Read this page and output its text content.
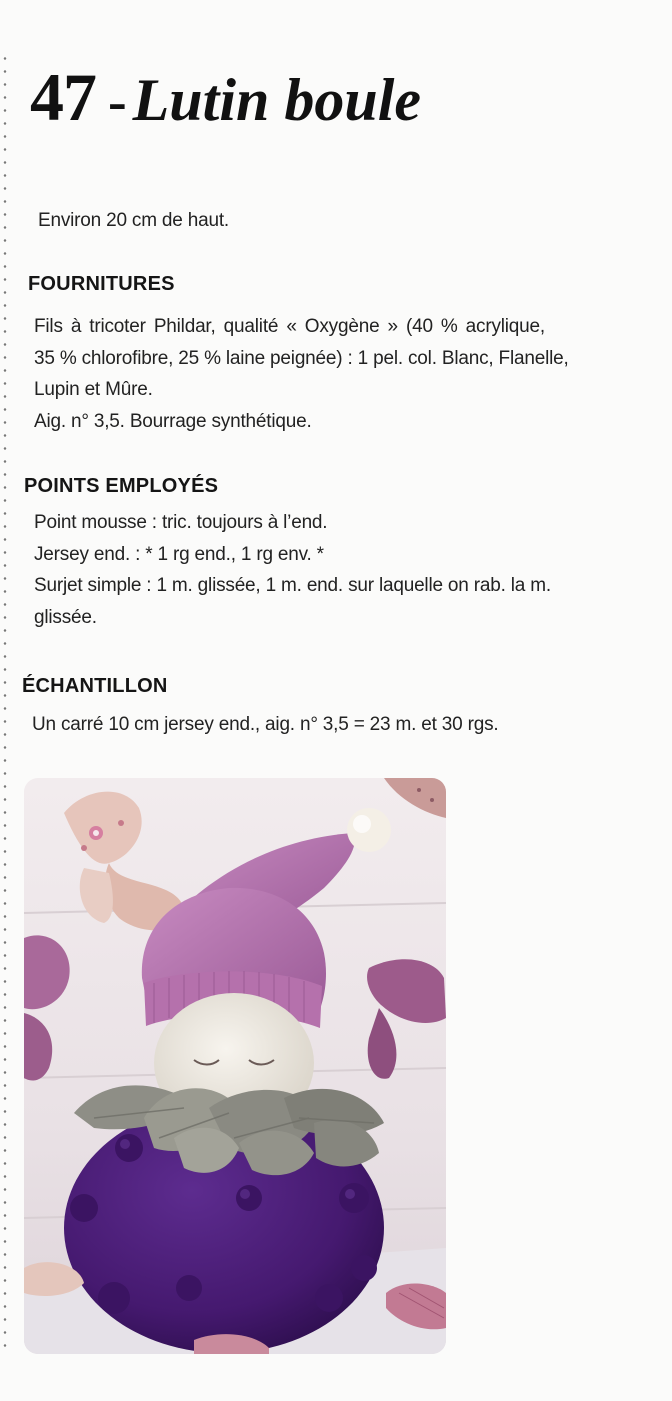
47 - Lutin boule
Environ 20 cm de haut.
FOURNITURES

Fils à tricoter Phildar, qualité « Oxygène » (40 % acrylique,

35 % chlorofibre, 25 % laine peignée) : 1 pel. col. Blanc, Flanelle,

Lupin et Mûre.

Aig. n° 3,5. Bourrage synthétique.

POINTS EMPLOYÉS

Point mousse : tric. toujours à l’end.

Jersey end. : * 1 rg end., 1 rg env. *

Surjet simple : 1 m. glissée, 1 m. end. sur laquelle on rab. la m.

glissée.

ÉCHANTILLON

Un carré 10 cm jersey end., aig. n° 3,5 = 23 m. et 30 rgs.
